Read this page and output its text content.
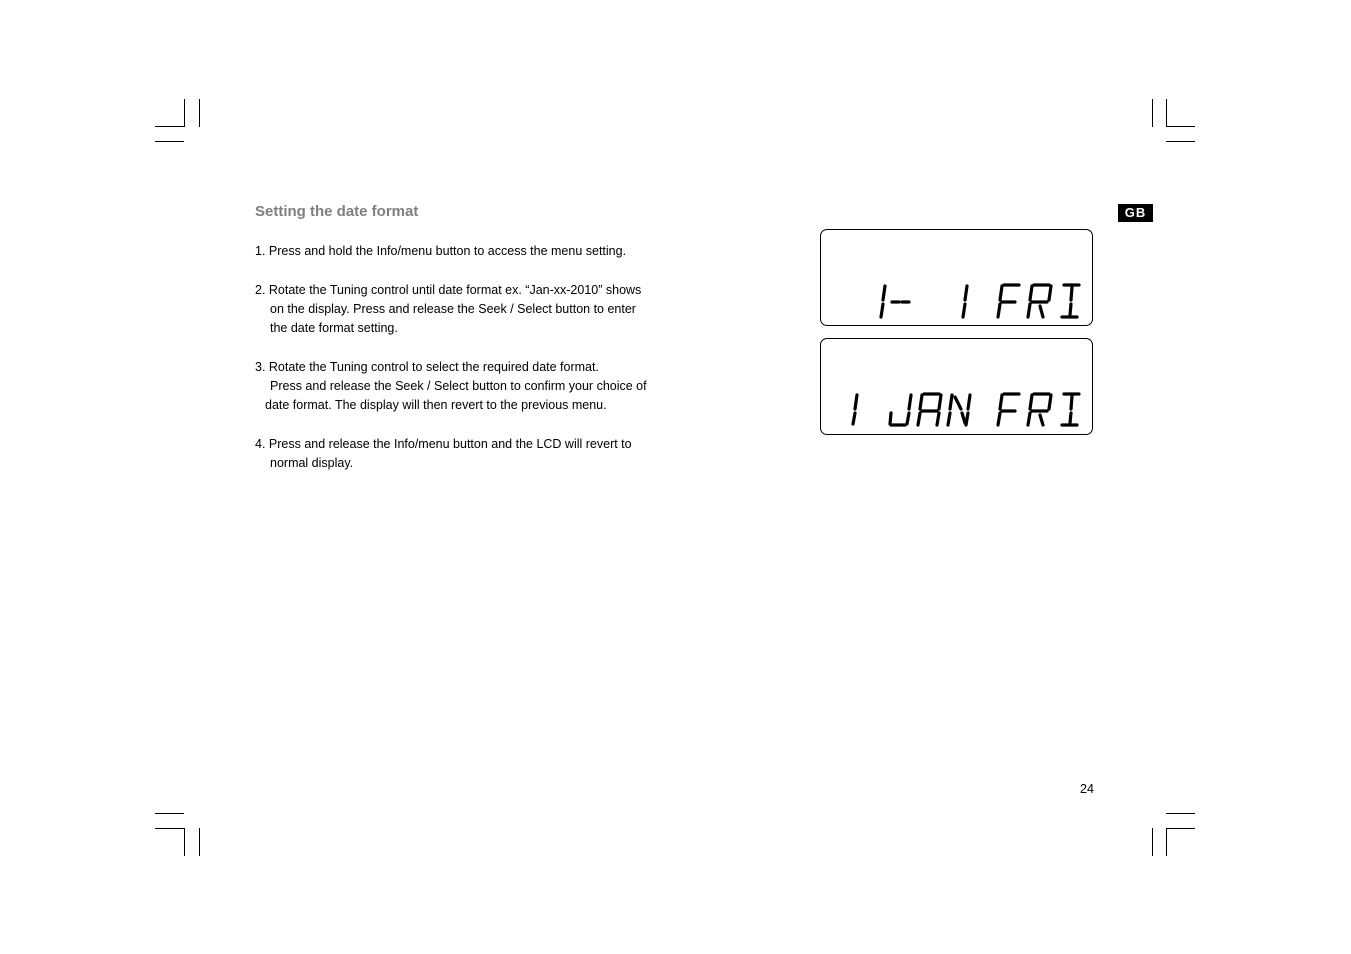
Setting the date format
1. Press and hold the Info/menu button to access the menu setting.
2. Rotate the Tuning control until date format ex. “Jan-xx-2010” shows
on the display. Press and release the Seek / Select button to enter
the date format setting.
3. Rotate the Tuning control to select the required date format.
Press and release the Seek / Select button to confirm your choice of
date format. The display will then revert to the previous menu.
4. Press and release the Info/menu button and the LCD will revert to
normal display.
GB
24
